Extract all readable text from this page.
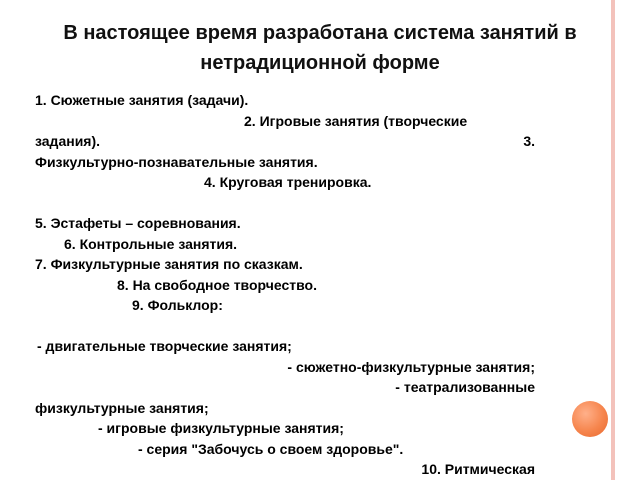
В настоящее время разработана система занятий в нетрадиционной форме
1. Сюжетные занятия (задачи).
2. Игровые занятия (творческие
задания).	3.
Физкультурно-познавательные занятия.
4. Круговая тренировка.
5. Эстафеты – соревнования.
6. Контрольные занятия.
7. Физкультурные занятия по сказкам.
8. На свободное творчество.
9. Фольклор:
- двигательные творческие занятия;
- сюжетно-физкультурные занятия;
- театрализованные
физкультурные занятия;
- игровые физкультурные занятия;
- серия "Забочусь о своем здоровье".
10. Ритмическая
